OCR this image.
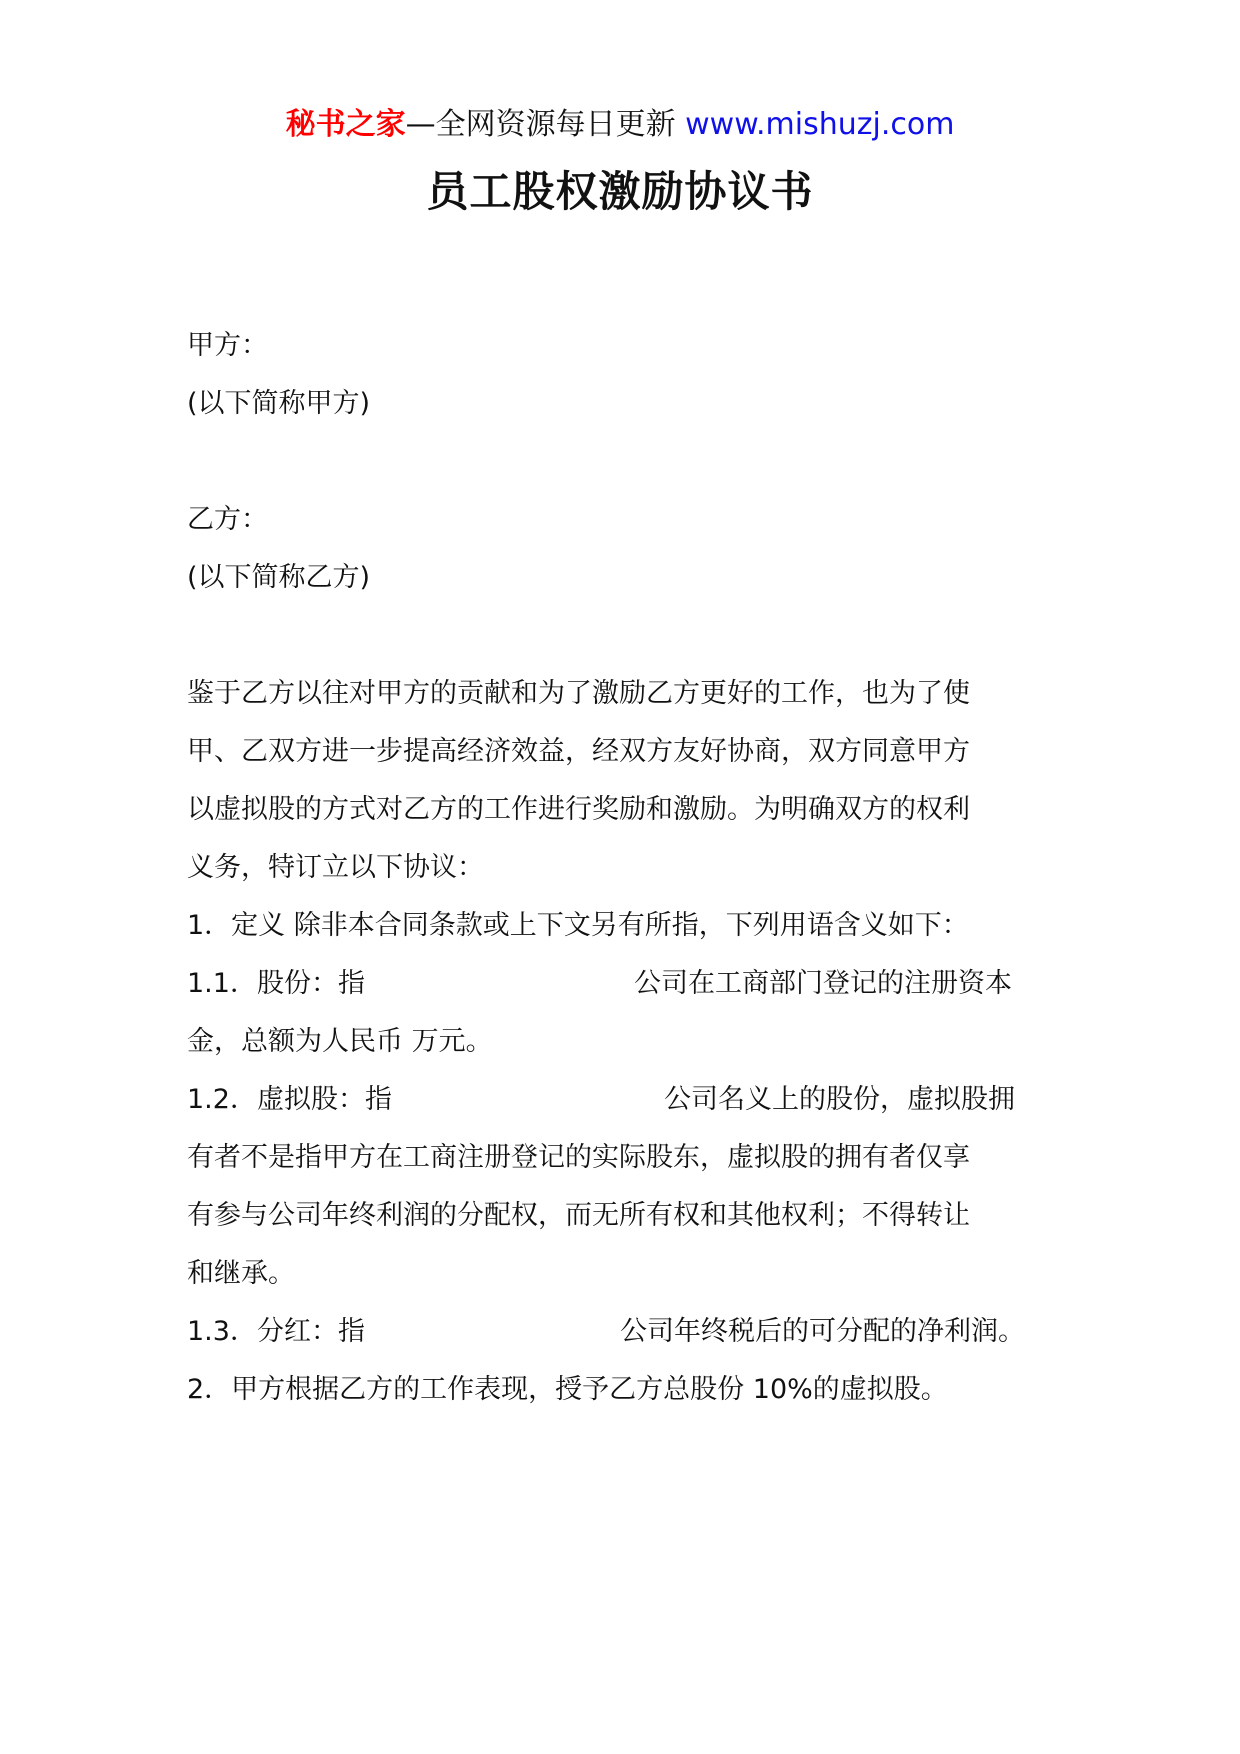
秘书之家—全网资源每日更新 www.mishuzj.com
员工股权激励协议书
甲方：
(以下简称甲方)
乙方：
(以下简称乙方)
鉴于乙方以往对甲方的贡献和为了激励乙方更好的工作，也为了使
甲、乙双方进一步提高经济效益，经双方友好协商，双方同意甲方
以虚拟股的方式对乙方的工作进行奖励和激励。为明确双方的权利
义务，特订立以下协议：
1．定义 除非本合同条款或上下文另有所指，下列用语含义如下：
1.1．股份：指	公司在工商部门登记的注册资本
金，总额为人民币 万元。
1.2．虚拟股：指	公司名义上的股份，虚拟股拥
有者不是指甲方在工商注册登记的实际股东，虚拟股的拥有者仅享
有参与公司年终利润的分配权，而无所有权和其他权利；不得转让
和继承。
1.3．分红：指	公司年终税后的可分配的净利润。
2．甲方根据乙方的工作表现，授予乙方总股份 10%的虚拟股。
